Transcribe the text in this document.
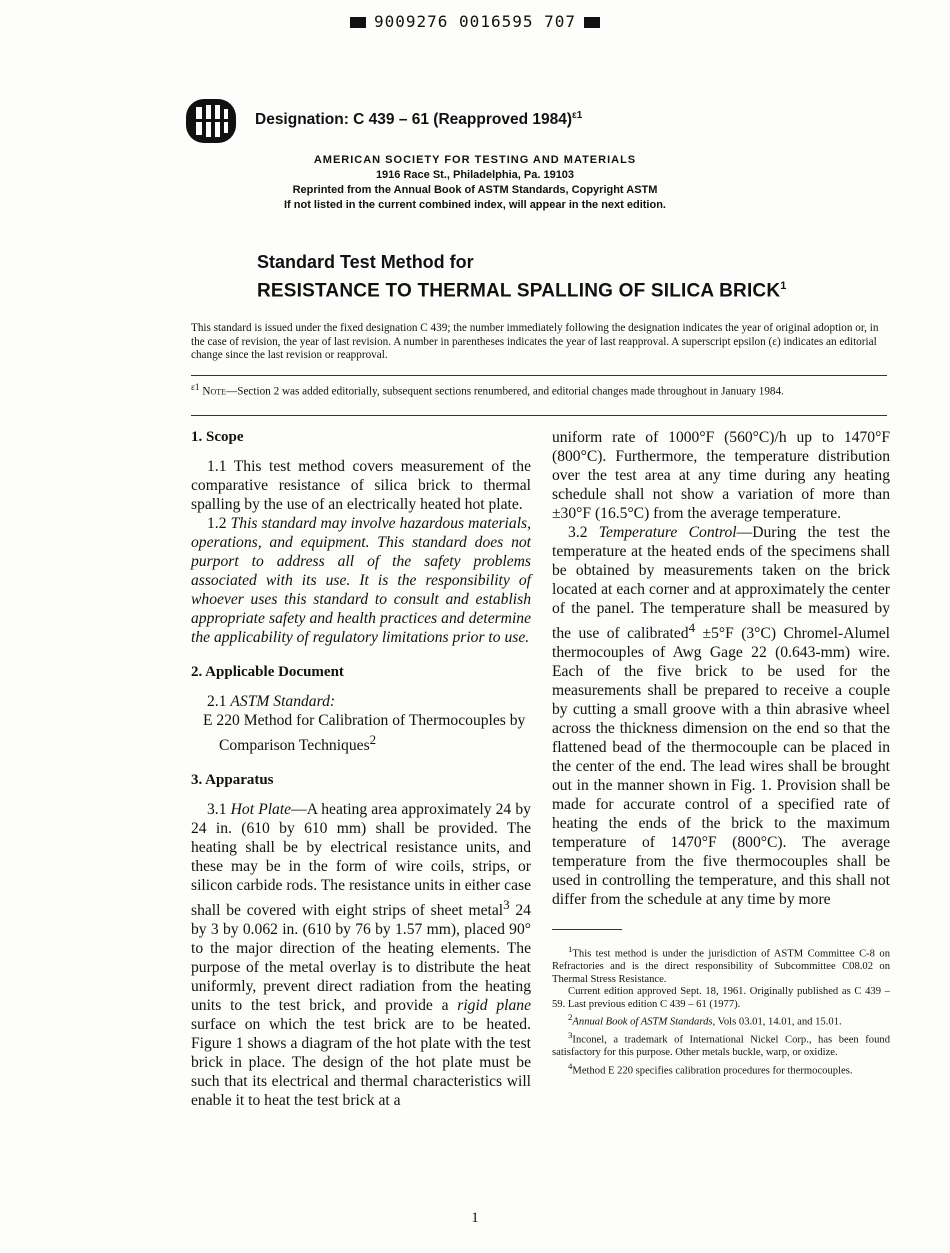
9009276 0016595 707
Designation: C 439 – 61 (Reapproved 1984)$^{\varepsilon 1}$
AMERICAN SOCIETY FOR TESTING AND MATERIALS
1916 Race St., Philadelphia, Pa. 19103
Reprinted from the Annual Book of ASTM Standards, Copyright ASTM
If not listed in the current combined index, will appear in the next edition.
Standard Test Method for
RESISTANCE TO THERMAL SPALLING OF SILICA BRICK$^1$
This standard is issued under the fixed designation C 439; the number immediately following the designation indicates the year of original adoption or, in the case of revision, the year of last revision. A number in parentheses indicates the year of last reapproval. A superscript epsilon (ε) indicates an editorial change since the last revision or reapproval.
$^{\varepsilon 1}$ Note—Section 2 was added editorially, subsequent sections renumbered, and editorial changes made throughout in January 1984.
1. Scope

1.1 This test method covers measurement of the comparative resistance of silica brick to thermal spalling by the use of an electrically heated hot plate.

1.2 This standard may involve hazardous materials, operations, and equipment. This standard does not purport to address all of the safety problems associated with its use. It is the responsibility of whoever uses this standard to consult and establish appropriate safety and health practices and determine the applicability of regulatory limitations prior to use.

2. Applicable Document

2.1 ASTM Standard:

E 220 Method for Calibration of Thermocouples by Comparison Techniques$^2$

3. Apparatus

3.1 Hot Plate—A heating area approximately 24 by 24 in. (610 by 610 mm) shall be provided. The heating shall be by electrical resistance units, and these may be in the form of wire coils, strips, or silicon carbide rods. The resistance units in either case shall be covered with eight strips of sheet metal$^3$ 24 by 3 by 0.062 in. (610 by 76 by 1.57 mm), placed 90° to the major direction of the heating elements. The purpose of the metal overlay is to distribute the heat uniformly, prevent direct radiation from the heating units to the test brick, and provide a rigid plane surface on which the test brick are to be heated. Figure 1 shows a diagram of the hot plate with the test brick in place. The design of the hot plate must be such that its electrical and thermal characteristics will enable it to heat the test brick at a

uniform rate of 1000°F (560°C)/h up to 1470°F (800°C). Furthermore, the temperature distribution over the test area at any time during any heating schedule shall not show a variation of more than ±30°F (16.5°C) from the average temperature.

3.2 Temperature Control—During the test the temperature at the heated ends of the specimens shall be obtained by measurements taken on the brick located at each corner and at approximately the center of the panel. The temperature shall be measured by the use of calibrated$^4$ ±5°F (3°C) Chromel-Alumel thermocouples of Awg Gage 22 (0.643-mm) wire. Each of the five brick to be used for the measurements shall be prepared to receive a couple by cutting a small groove with a thin abrasive wheel across the thickness dimension on the end so that the flattened bead of the thermocouple can be placed in the center of the end. The lead wires shall be brought out in the manner shown in Fig. 1. Provision shall be made for accurate control of a specified rate of heating the ends of the brick to the maximum temperature of 1470°F (800°C). The average temperature from the five thermocouples shall be used in controlling the temperature, and this shall not differ from the schedule at any time by more

$^1$This test method is under the jurisdiction of ASTM Committee C-8 on Refractories and is the direct responsibility of Subcommittee C08.02 on Thermal Stress Resistance.

Current edition approved Sept. 18, 1961. Originally published as C 439 – 59. Last previous edition C 439 – 61 (1977).

$^2$Annual Book of ASTM Standards, Vols 03.01, 14.01, and 15.01.

$^3$Inconel, a trademark of International Nickel Corp., has been found satisfactory for this purpose. Other metals buckle, warp, or oxidize.

$^4$Method E 220 specifies calibration procedures for thermocouples.

1
